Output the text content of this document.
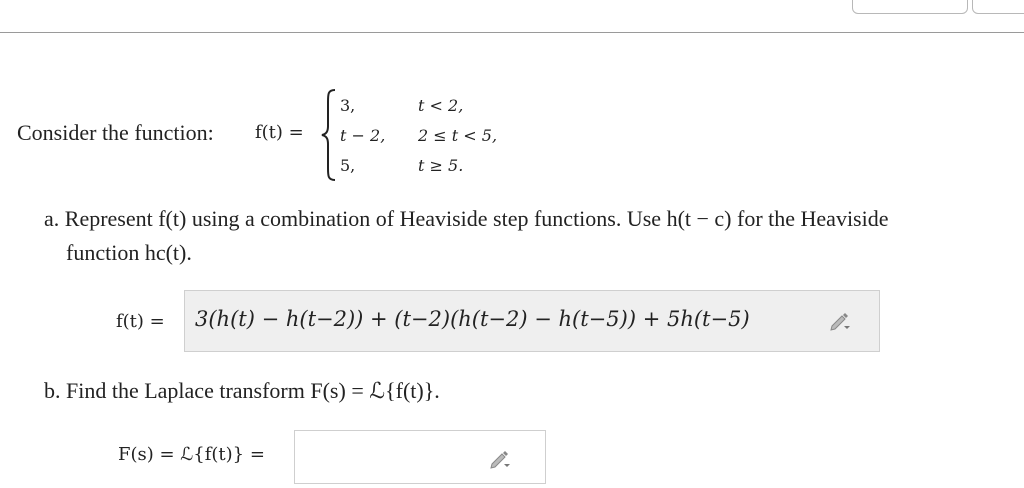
Consider the function: f(t) =
3,	t < 2,
t − 2, 2 ≤ t < 5,
5,	t ≥ 5.
a. Represent f(t) using a combination of Heaviside step functions. Use h(t − c) for the Heaviside
function hc(t).
f(t) = 3(h(t) − h(t−2)) + (t−2)(h(t−2) − h(t−5)) + 5h(t−5)
b. Find the Laplace transform F(s) = ℒ{f(t)}.
F(s) = ℒ{f(t)} =
